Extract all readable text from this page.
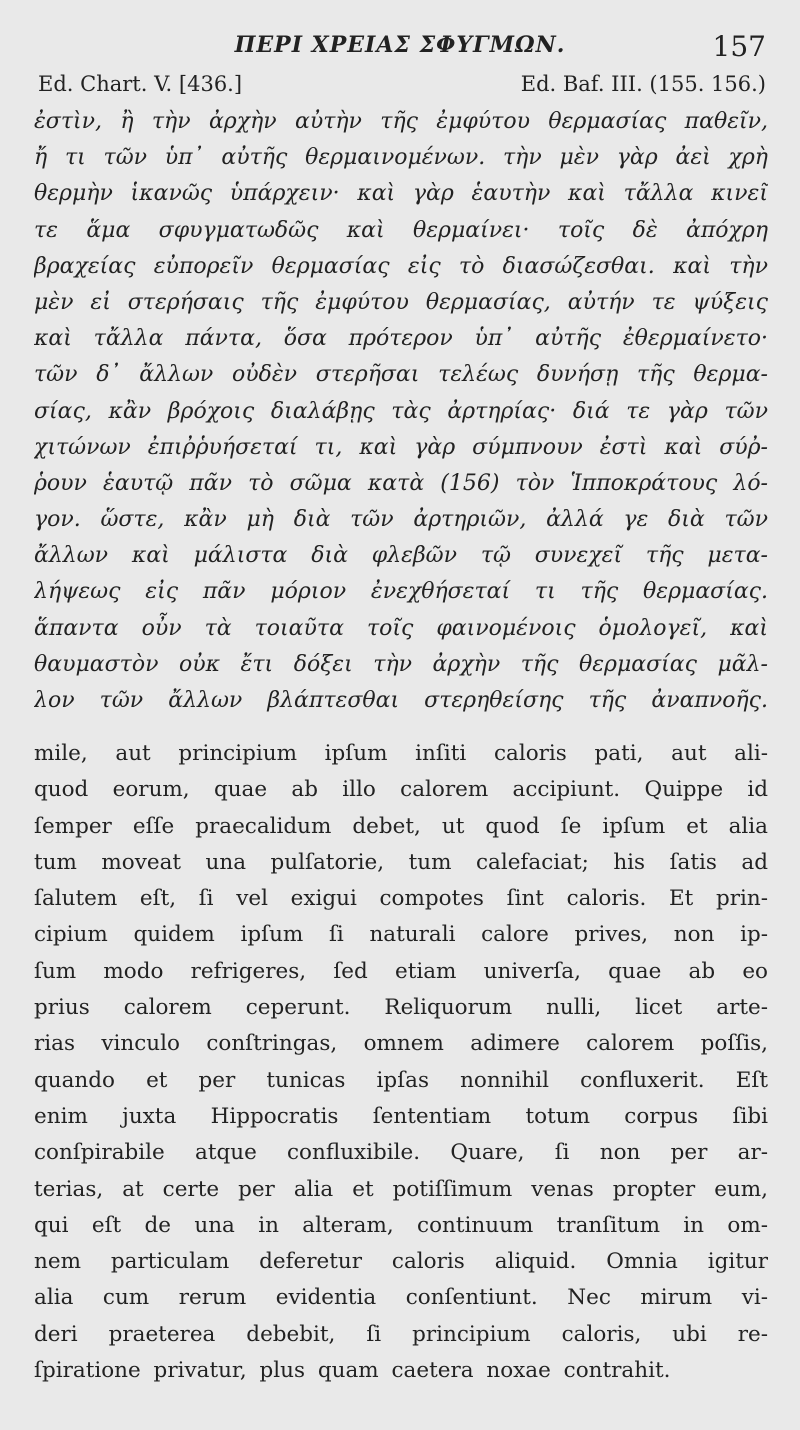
ΠΕΡΙ ΧΡΕΙΑΣ ΣΦΥΓΜΩΝ.	157
Ed. Chart. V. [436.]	Ed. Baf. III. (155. 156.)
ἐστὶν, ἢ τὴν ἀρχὴν αὐτὴν τῆς ἐμφύτου θερμασίας παθεῖν,
ἤ τι τῶν ὑπ᾿ αὐτῆς θερμαινομένων. τὴν μὲν γὰρ ἀεὶ χρὴ
θερμὴν ἱκανῶς ὑπάρχειν· καὶ γὰρ ἑαυτὴν καὶ τἄλλα κινεῖ
τε ἅμα σφυγματωδῶς καὶ θερμαίνει· τοῖς δὲ ἀπόχρη
βραχείας εὐπορεῖν θερμασίας εἰς τὸ διασώζεσθαι. καὶ τὴν
μὲν εἰ στερήσαις τῆς ἐμφύτου θερμασίας, αὐτήν τε ψύξεις
καὶ τἄλλα πάντα, ὅσα πρότερον ὑπ᾿ αὐτῆς ἐθερμαίνετο·
τῶν δ᾿ ἄλλων οὐδὲν στερῆσαι τελέως δυνήσῃ τῆς θερμα-
σίας, κἂν βρόχοις διαλάβῃς τὰς ἀρτηρίας· διά τε γὰρ τῶν
χιτώνων ἐπιῤῥυήσεταί τι, καὶ γὰρ σύμπνουν ἐστὶ καὶ σύῤ-
ῥουν ἑαυτῷ πᾶν τὸ σῶμα κατὰ (156) τὸν Ἱπποκράτους λό-
γον. ὥστε, κἂν μὴ διὰ τῶν ἀρτηριῶν, ἀλλά γε διὰ τῶν
ἄλλων καὶ μάλιστα διὰ φλεβῶν τῷ συνεχεῖ τῆς μετα-
λήψεως εἰς πᾶν μόριον ἐνεχθήσεταί τι τῆς θερμασίας.
ἅπαντα οὖν τὰ τοιαῦτα τοῖς φαινομένοις ὁμολογεῖ, καὶ
θαυμαστὸν οὐκ ἔτι δόξει τὴν ἀρχὴν τῆς θερμασίας μᾶλ-
λον τῶν ἄλλων βλάπτεσθαι στερηθείσης τῆς ἀναπνοῆς.
mile, aut principium ipſum inſiti caloris pati, aut ali-
quod eorum, quae ab illo calorem accipiunt. Quippe id
ſemper eſſe praecalidum debet, ut quod ſe ipſum et alia
tum moveat una pulſatorie, tum calefaciat; his ſatis ad
ſalutem eſt, ſi vel exigui compotes ſint caloris. Et prin-
cipium quidem ipſum ſi naturali calore prives, non ip-
ſum modo refrigeres, ſed etiam univerſa, quae ab eo
prius calorem ceperunt. Reliquorum nulli, licet arte-
rias vinculo conſtringas, omnem adimere calorem poſſis,
quando et per tunicas ipſas nonnihil confluxerit. Eſt
enim juxta Hippocratis ſententiam totum corpus ſibi
conſpirabile atque confluxibile. Quare, ſi non per ar-
terias, at certe per alia et potiſſimum venas propter eum,
qui eſt de una in alteram, continuum tranſitum in om-
nem particulam deferetur caloris aliquid. Omnia igitur
alia cum rerum evidentia conſentiunt. Nec mirum vi-
deri praeterea debebit, ſi principium caloris, ubi re-
ſpiratione privatur, plus quam caetera noxae contrahit.
